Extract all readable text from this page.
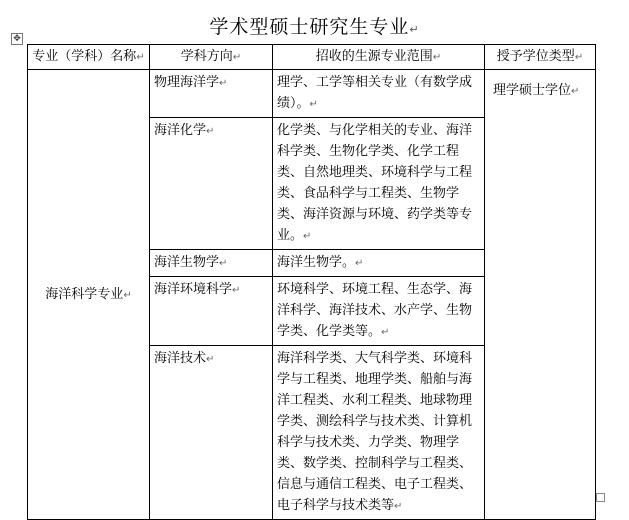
学术型硕士研究生专业↵
✥
专业（学科）名称↵	学科方向↵	招收的生源专业范围↵	授予学位类型↵
海洋科学专业↵	物理海洋学↵	理学、工学等相关专业（有数学成绩）。↵	理学硕士学位↵
	海洋化学↵	化学类、与化学相关的专业、海洋科学类、生物化学类、化学工程类、自然地理类、环境科学与工程类、食品科学与工程类、生物学类、海洋资源与环境、药学类等专业。↵	
	海洋生物学↵	海洋生物学。↵	
	海洋环境科学↵	环境科学、环境工程、生态学、海洋科学、海洋技术、水产学、生物学类、化学类等。↵	
	海洋技术↵	海洋科学类、大气科学类、环境科学与工程类、地理学类、船舶与海洋工程类、水利工程类、地球物理学类、测绘科学与技术类、计算机科学与技术类、力学类、物理学类、数学类、控制科学与工程类、信息与通信工程类、电子工程类、电子科学与技术类等↵	
